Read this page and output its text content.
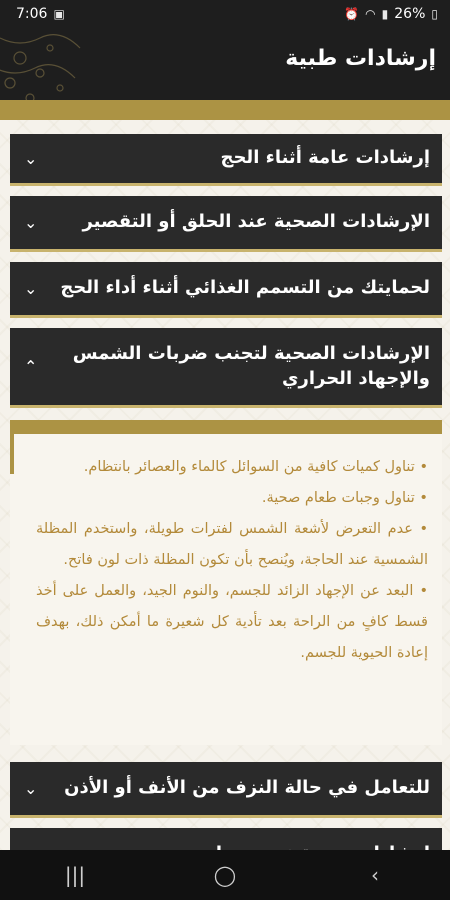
7:06 ▣	⏰ ◠ ▮ 26% ▯
إرشادات طبية
⌄	إرشادات عامة أثناء الحج
⌄	الإرشادات الصحية عند الحلق أو التقصير
⌄	لحمايتك من التسمم الغذائي أثناء أداء الحج
⌃
الإرشادات الصحية لتجنب ضربات الشمس والإجهاد الحراري

• تناول كميات كافية من السوائل كالماء والعصائر بانتظام.

• تناول وجبات طعام صحية.

• عدم التعرض لأشعة الشمس لفترات طويلة، واستخدم المظلة الشمسية عند الحاجة، ويُنصح بأن تكون المظلة ذات لون فاتح.

• البعد عن الإجهاد الزائد للجسم، والنوم الجيد، والعمل على أخذ قسط كافٍ من الراحة بعد تأدية كل شعيرة ما أمكن ذلك، بهدف إعادة الحيوية للجسم.

⌄	للتعامل في حالة النزف من الأنف أو الأذن
|||	◯	‹
